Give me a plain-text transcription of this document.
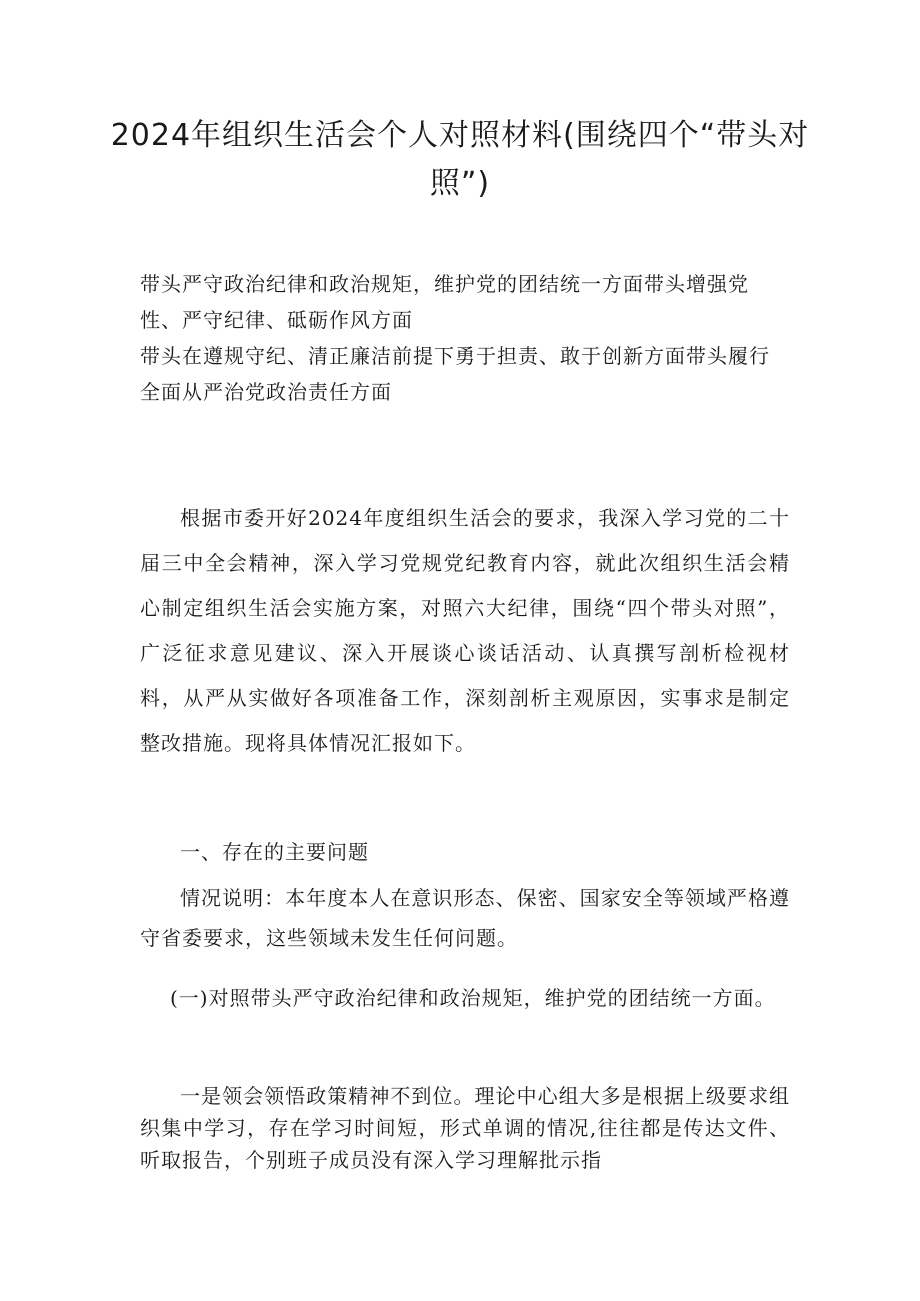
2024年组织生活会个人对照材料(围绕四个“带头对照”)
带头严守政治纪律和政治规矩，维护党的团结统一方面带头增强党性、严守纪律、砥砺作风方面
带头在遵规守纪、清正廉洁前提下勇于担责、敢于创新方面带头履行全面从严治党政治责任方面

根据市委开好2024年度组织生活会的要求，我深入学习党的二十届三中全会精神，深入学习党规党纪教育内容，就此次组织生活会精心制定组织生活会实施方案，对照六大纪律，围绕“四个带头对照”，广泛征求意见建议、深入开展谈心谈话活动、认真撰写剖析检视材料，从严从实做好各项准备工作，深刻剖析主观原因，实事求是制定整改措施。现将具体情况汇报如下。

一、存在的主要问题

情况说明：本年度本人在意识形态、保密、国家安全等领域严格遵守省委要求，这些领域未发生任何问题。

(一)对照带头严守政治纪律和政治规矩，维护党的团结统一方面。

一是领会领悟政策精神不到位。理论中心组大多是根据上级要求组织集中学习，存在学习时间短，形式单调的情况,往往都是传达文件、听取报告，个别班子成员没有深入学习理解批示指
